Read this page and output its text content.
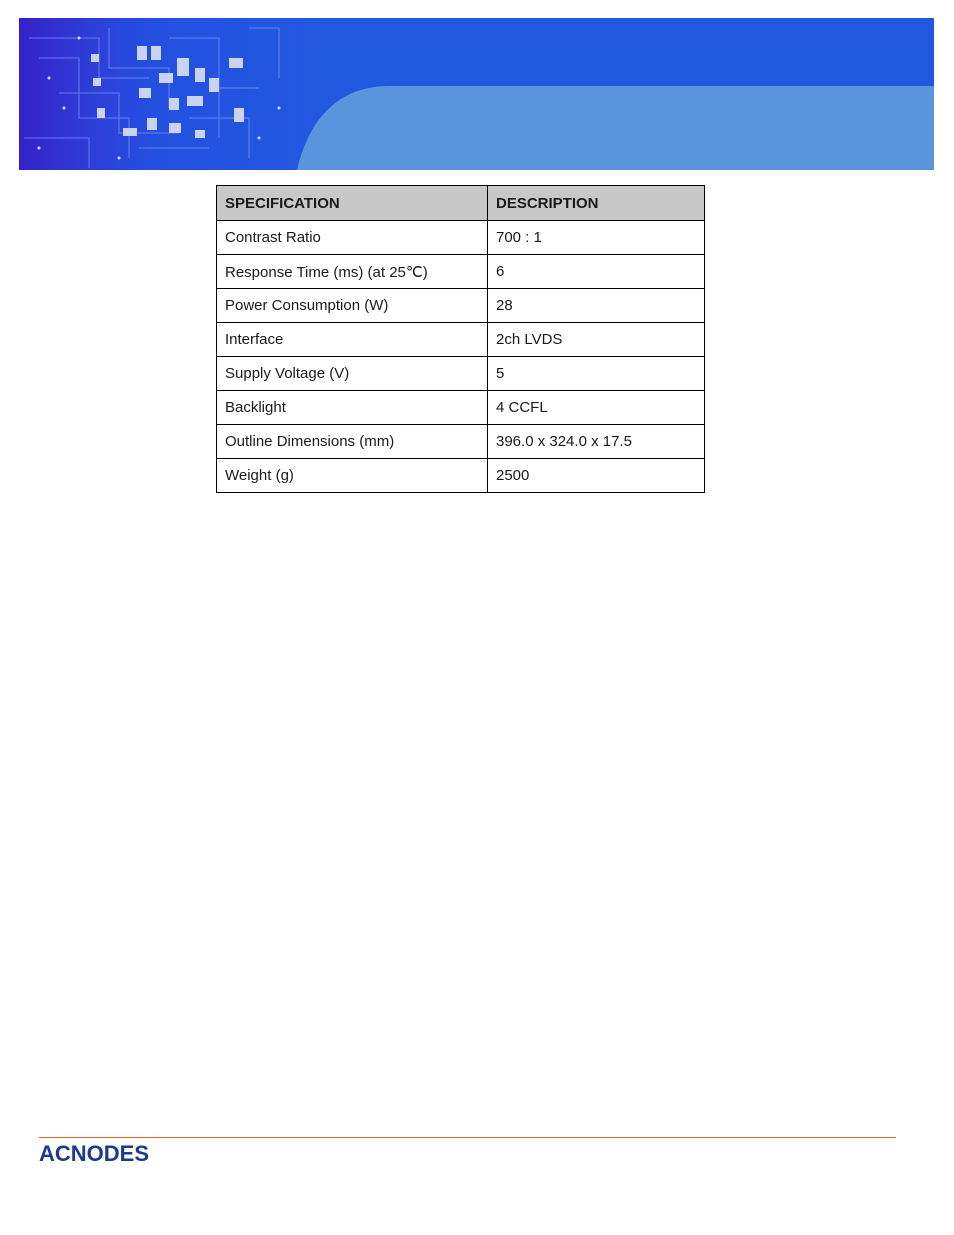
SPECIFICATION	DESCRIPTION
Contrast Ratio	700 : 1
Response Time (ms) (at 25℃)	6
Power Consumption (W)	28
Interface	2ch LVDS
Supply Voltage (V)	5
Backlight	4 CCFL
Outline Dimensions (mm)	396.0 x 324.0 x 17.5
Weight (g)	2500
ACNODES
